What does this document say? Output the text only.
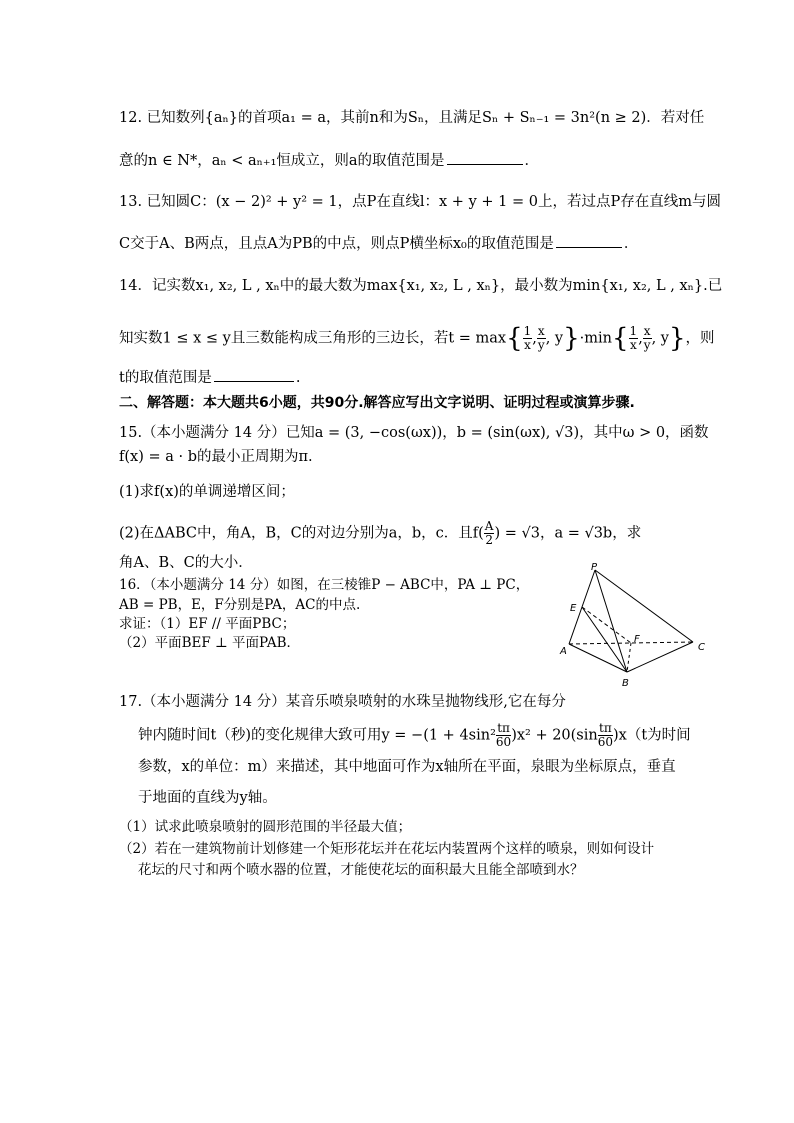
12. 已知数列{aₙ}的首项a₁ = a，其前n和为Sₙ，且满足Sₙ + Sₙ₋₁ = 3n²(n ≥ 2)．若对任
意的n ∈ N*，aₙ < aₙ₊₁恒成立，则a的取值范围是	．
13. 已知圆C：(x − 2)² + y² = 1，点P在直线l：x + y + 1 = 0上，若过点P存在直线m与圆
C交于A、B两点，且点A为PB的中点，则点P横坐标x₀的取值范围是	．
14．记实数x₁, x₂, L , xₙ中的最大数为max{x₁, x₂, L , xₙ}，最小数为min{x₁, x₂, L , xₙ}.已
知实数1 ≤ x ≤ y且三数能构成三角形的三边长，若$t = \max\{ \frac{1}{x}$ , $\frac{x}{y}$ , $y\}\cdot\min\{ \frac{1}{x}$ , $\frac{x}{y}$ , y}，则
t的取值范围是	.
二、解答题：本大题共6小题，共90分.解答应写出文字说明、证明过程或演算步骤.
15.（本小题满分 14 分）已知a = (3, −cos(ωx))，b = (sin(ωx), √3)，其中ω > 0，函数
f(x) = a · b的最小正周期为π.
(1)求f(x)的单调递增区间；
(2)在ΔABC中，角A，B，C的对边分别为a，b，c．且$f( \frac{A}{2}$ ) = √3，a = √3b，求
角A、B、C的大小．
16．（本小题满分 14 分）如图，在三棱锥P − ABC中，PA ⊥ PC，
AB = PB，E，F分别是PA，AC的中点.
求证：（1）EF // 平面PBC；
（2）平面BEF ⊥ 平面PAB．
P
E
F
A
B
C
17.（本小题满分 14 分）某音乐喷泉喷射的水珠呈抛物线形,它在每分
钟内随时间t（秒)的变化规律大致可用$y = -(1 + 4\sin^2 \frac{t\pi}{60} )x^2 + 20(\sin \frac{t\pi}{60} )x(t$为时间
参数，x的单位：m）来描述，其中地面可作为x轴所在平面，泉眼为坐标原点，垂直
于地面的直线为y轴。
（1）试求此喷泉喷射的圆形范围的半径最大值；
（2）若在一建筑物前计划修建一个矩形花坛并在花坛内装置两个这样的喷泉，则如何设计
花坛的尺寸和两个喷水器的位置，才能使花坛的面积最大且能全部喷到水？
